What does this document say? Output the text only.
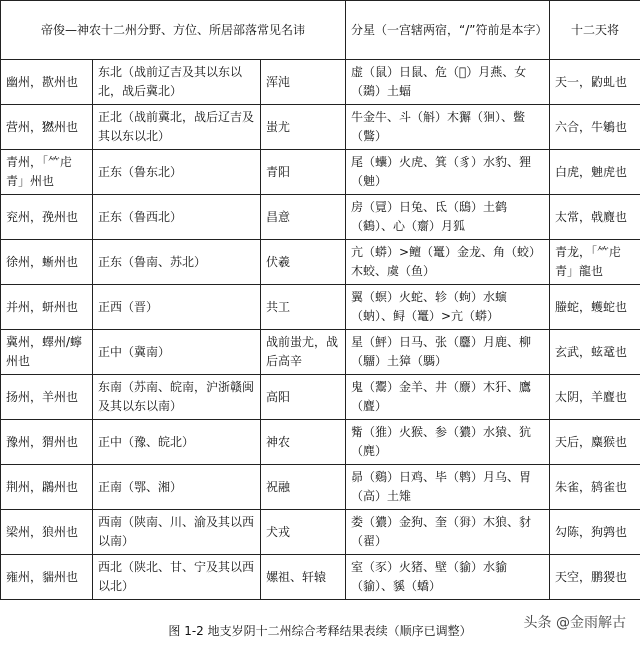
帝俊—神农十二州分野、方位、所居部落常见名讳			分星（一宫辖两宿，“/”符前是本字）	十二天将
幽州，歁州也	东北（战前辽吉及其以东以北，战后冀北）	浑沌	虚（鼠）日鼠、危（𫴬）月燕、女（鵽）土蝠	天一，䶂虬也
营州，𤡮州也	正北（战前冀北，战后辽吉及其以东以北）	蚩尤	牛金牛、斗（斛）木獬（𤞑）、鳖（鷩）	六合，牛鵴也
青州，「⺮虍青」州也	正东（鲁东北）	青阳	尾（𧖒）火虎、箕（豸）水豹、狸（䰠）	白虎，䰠虎也
兖州，㝃州也	正东（鲁西北）	昌意	房（㒻）日兔、氐（鴟）土鹤（鶴）、心（𪗋）月狐	太常，㦸麑也
徐州，蜥州也	正东（鲁南、苏北）	伏羲	亢（蟒）>鳣（鼍）金龙、角（蛟）木蛟、虞（鱼）	青龙，「⺮虍青」龍也
并州，蚈州也	正西（晋）	共工	翼（螟）火蛇、轸（蚼）水螾（蚋）、鲟（鼍）>亢（蟒）	螣蛇，蠖蛇也
冀州，蠌州/䗿州也	正中（冀南）	战前蚩尤，战后高辛	星（鮃）日马、张（麢）月鹿、柳（驑）土獐（騳）	玄武，蚿鼋也
扬州，羊州也	东南（苏南、皖南，沪浙赣闽及其以东以南）	高阳	鬼（䰞）金羊、井（麖）木犴、鷹（麆）	太阴，羊麆也
豫州，猬州也	正中（豫、皖北）	神农	觜（猚）火猴、参（㺜）水猿、犺（麂）	天后，麋猴也
荆州，鸊州也	正南（鄂、湘）	祝融	昴（鷄）日鸡、毕（鹎）月乌、胃（高）土雉	朱雀，鸫雀也
梁州，狼州也	西南（陕南、川、渝及其以西以南）	犬戎	娄（㺜）金狗、奎（𤝕）木狼、豺（翟）	勾陈，狗鹑也
雍州，貒州也	西北（陕北、甘、宁及其以西以北）	嫘祖、轩辕	室（豕）火猪、壁（貐）水貐（貐）、貕（蟜）	天空，鹏猣也
图 1-2 地支岁阴十二州综合考释结果表续（顺序已调整）	头条 @金雨解古
